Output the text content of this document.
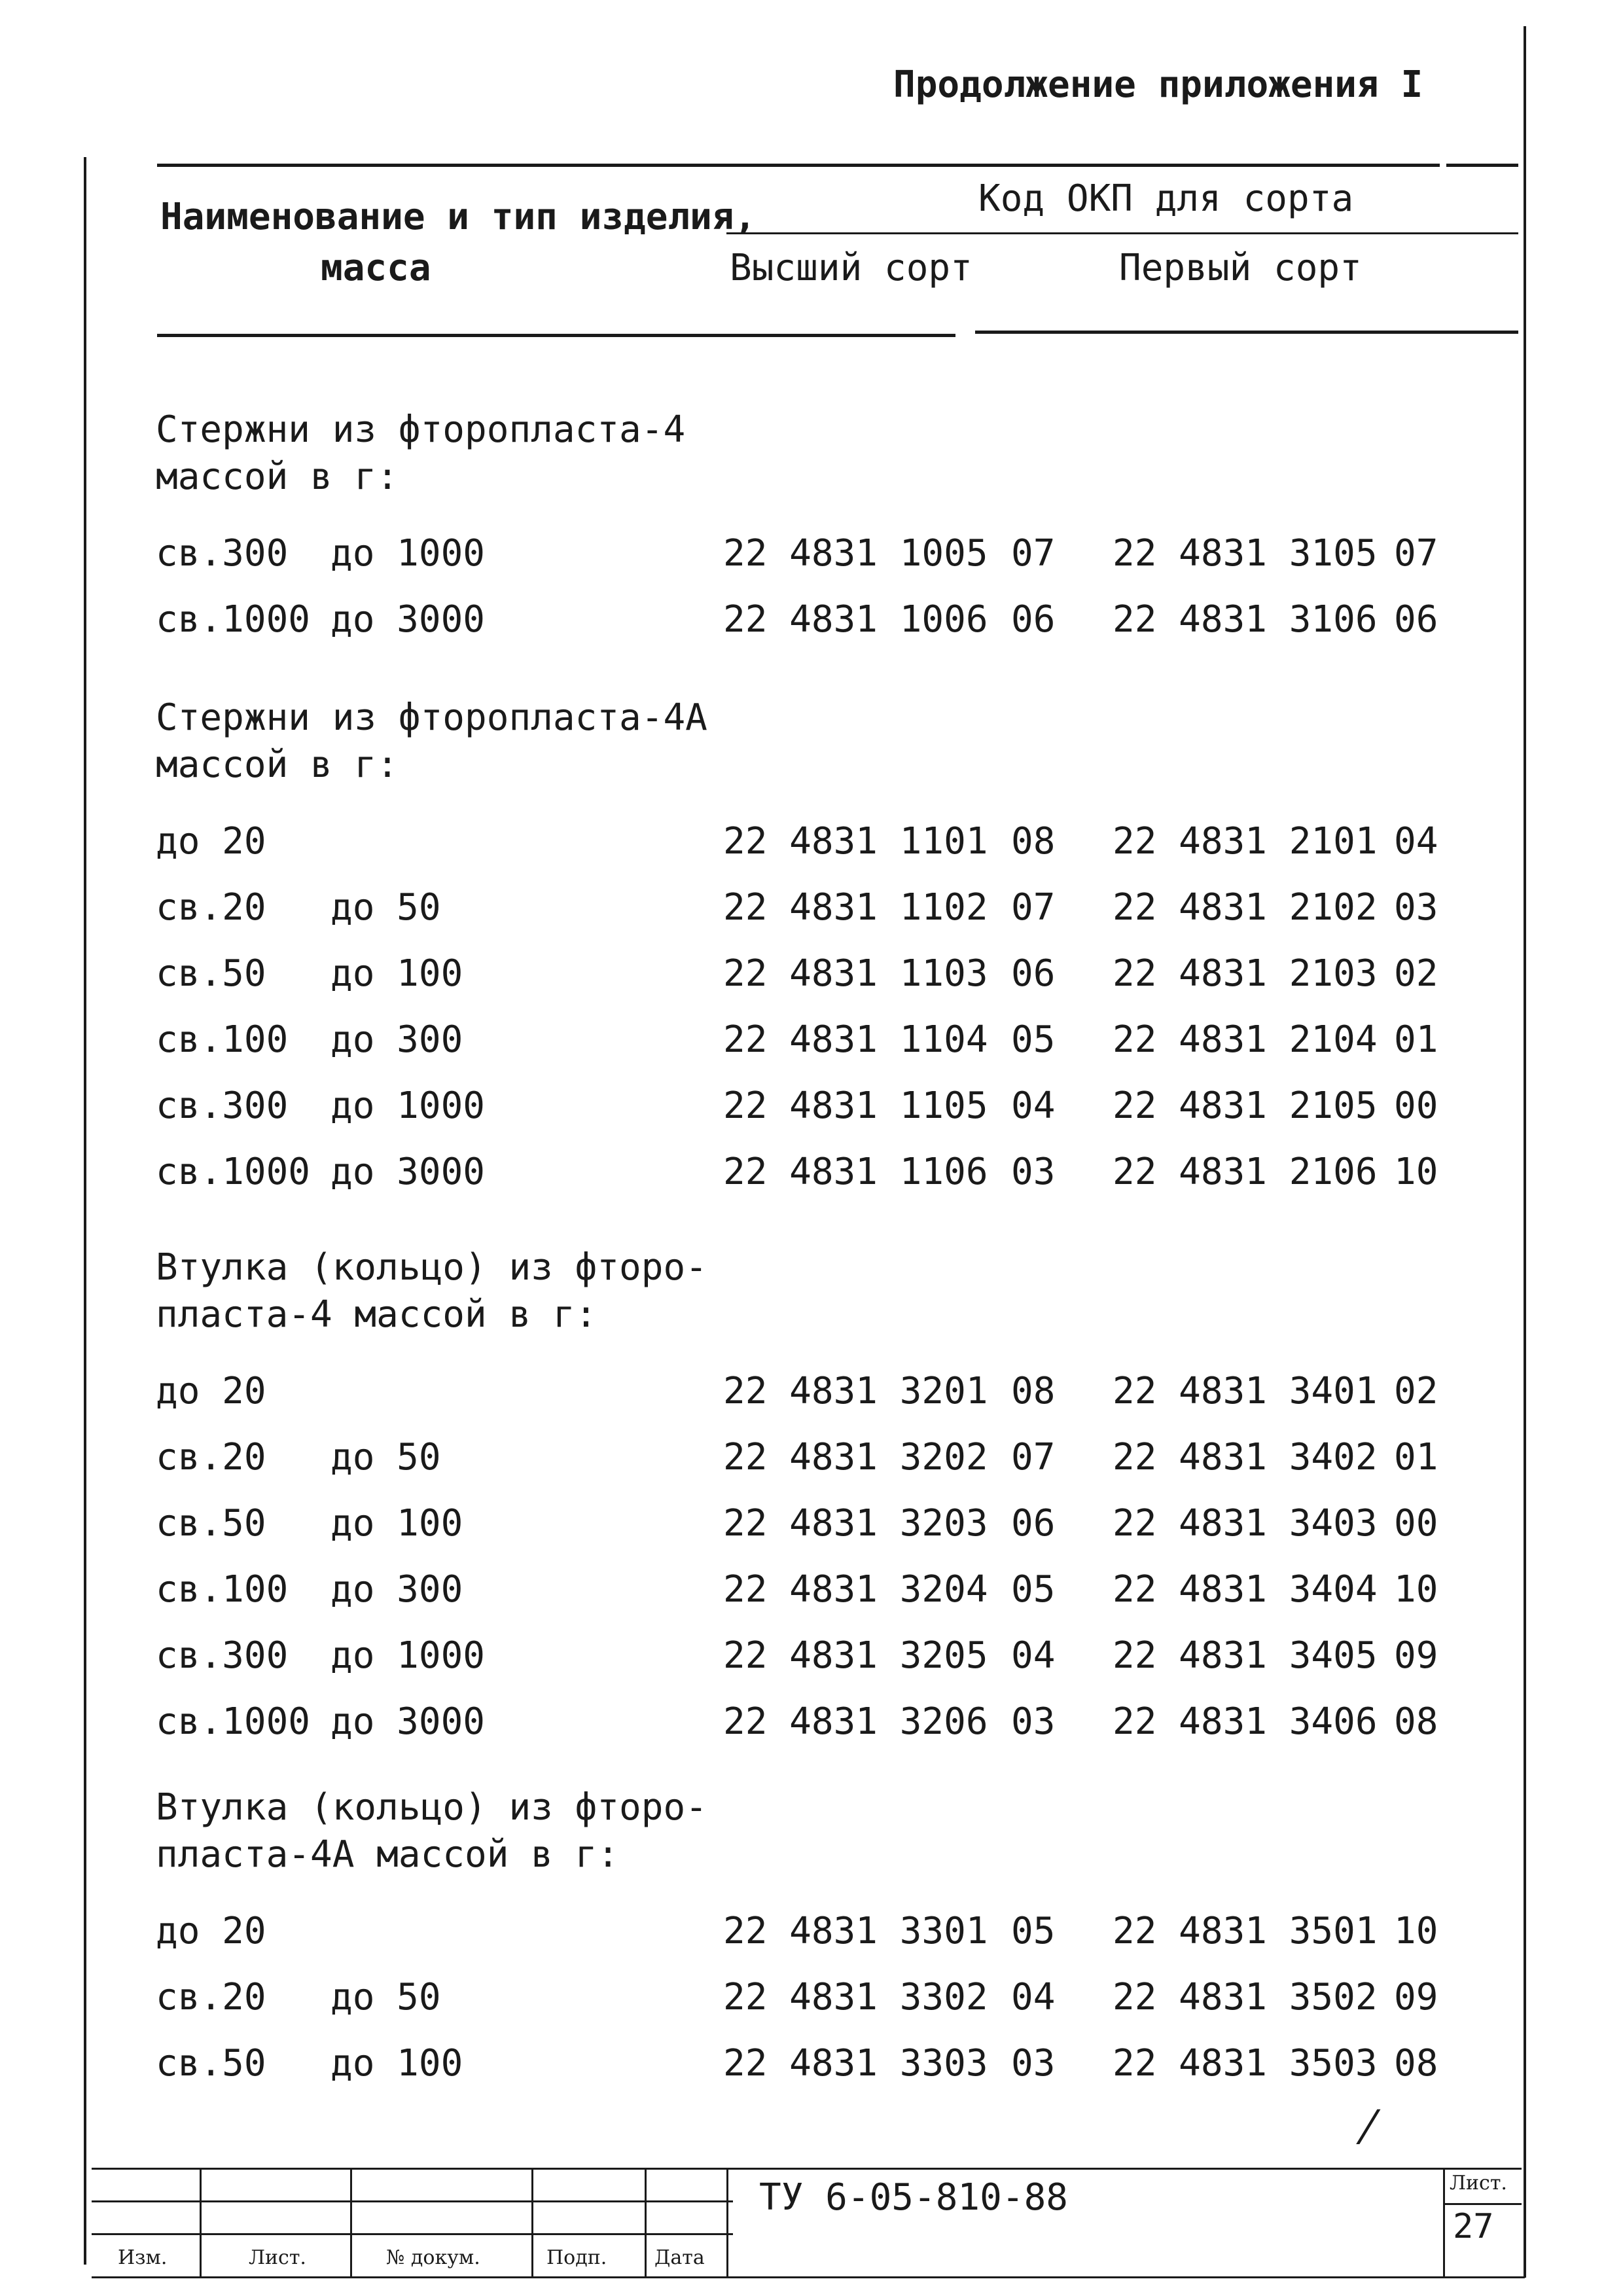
Продолжение приложения I
Наименование и тип изделия,
масса
Код ОКП для сорта
Высший сорт	Первый сорт
Стержни из фторопласта-4
массой в г:
св.300 до 1000	22 4831 1005 07 22 4831 3105 07
св.1000 до 3000	22 4831 1006 06 22 4831 3106 06
Стержни из фторопласта-4А
массой в г:
до 20	22 4831 1101 08 22 4831 2101 04
св.20 до 50	22 4831 1102 07 22 4831 2102 03
св.50 до 100	22 4831 1103 06 22 4831 2103 02
св.100 до 300	22 4831 1104 05 22 4831 2104 01
св.300 до 1000	22 4831 1105 04 22 4831 2105 00
св.1000 до 3000	22 4831 1106 03 22 4831 2106 10
Втулка (кольцо) из фторо-
пласта-4 массой в г:
до 20	22 4831 3201 08 22 4831 3401 02
св.20 до 50	22 4831 3202 07 22 4831 3402 01
св.50 до 100	22 4831 3203 06 22 4831 3403 00
св.100 до 300	22 4831 3204 05 22 4831 3404 10
св.300 до 1000	22 4831 3205 04 22 4831 3405 09
св.1000 до 3000	22 4831 3206 03 22 4831 3406 08
Втулка (кольцо) из фторо-
пласта-4А массой в г:
до 20	22 4831 3301 05 22 4831 3501 10
св.20 до 50	22 4831 3302 04 22 4831 3502 09
св.50 до 100	22 4831 3303 03 22 4831 3503 08
⁄
Изм.	Лист.	№ докум.	Подп. Дата
ТУ 6-05-810-88	Лист.
27
